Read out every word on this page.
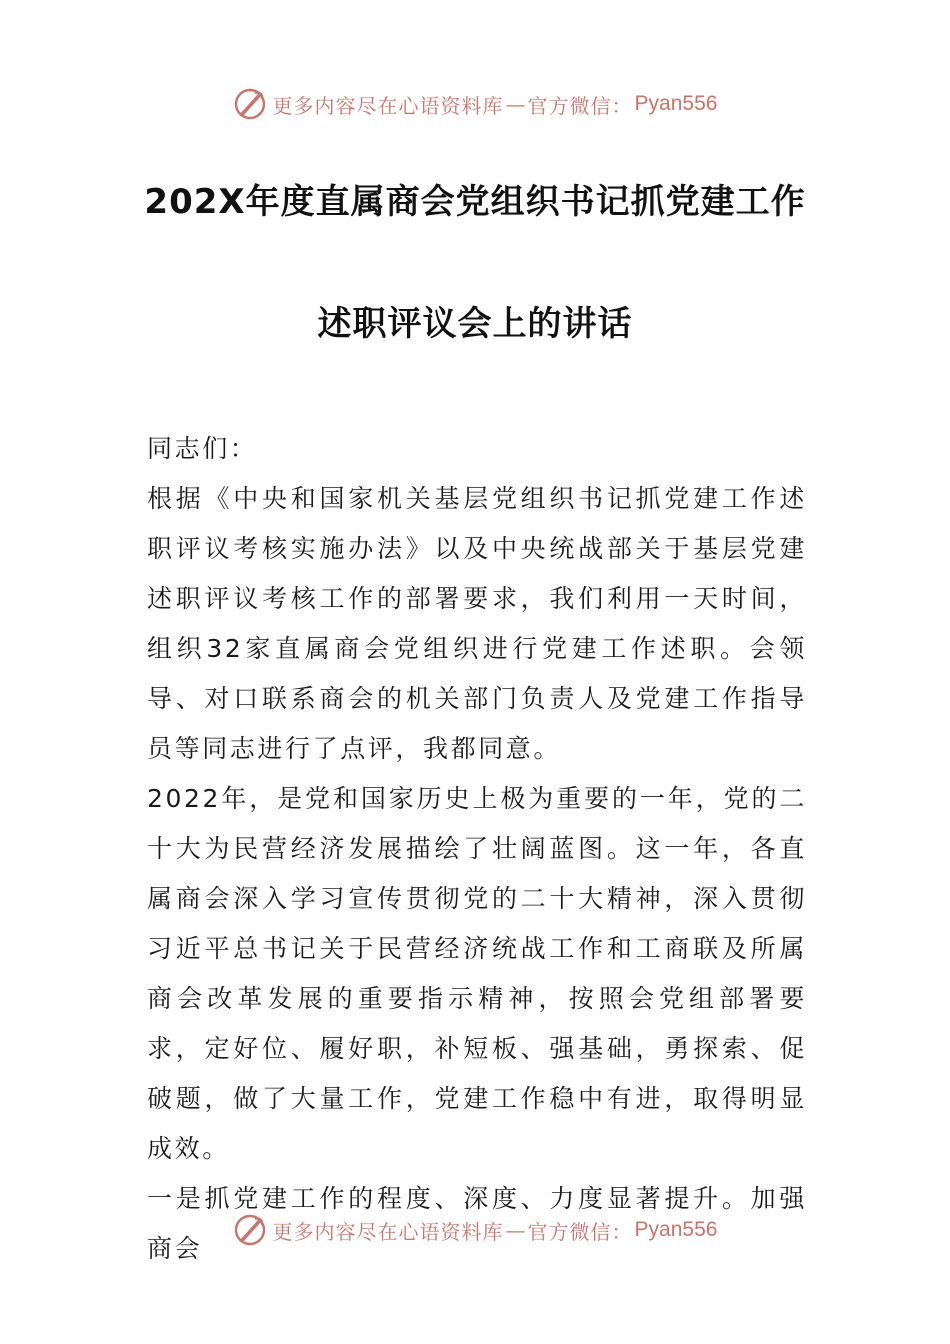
更多内容尽在心语资料库 — 官方微信： Pyan556
202X年度直属商会党组织书记抓党建工作
述职评议会上的讲话

同志们：

根据《中央和国家机关基层党组织书记抓党建工作述职评议考核实施办法》以及中央统战部关于基层党建述职评议考核工作的部署要求，我们利用一天时间，组织32家直属商会党组织进行党建工作述职。会领导、对口联系商会的机关部门负责人及党建工作指导员等同志进行了点评，我都同意。

2022年，是党和国家历史上极为重要的一年，党的二十大为民营经济发展描绘了壮阔蓝图。这一年，各直属商会深入学习宣传贯彻党的二十大精神，深入贯彻习近平总书记关于民营经济统战工作和工商联及所属商会改革发展的重要指示精神，按照会党组部署要求，定好位、履好职，补短板、强基础，勇探索、促破题，做了大量工作，党建工作稳中有进，取得明显成效。

一是抓党建工作的程度、深度、力度显著提升。加强商会

更多内容尽在心语资料库 — 官方微信： Pyan556
